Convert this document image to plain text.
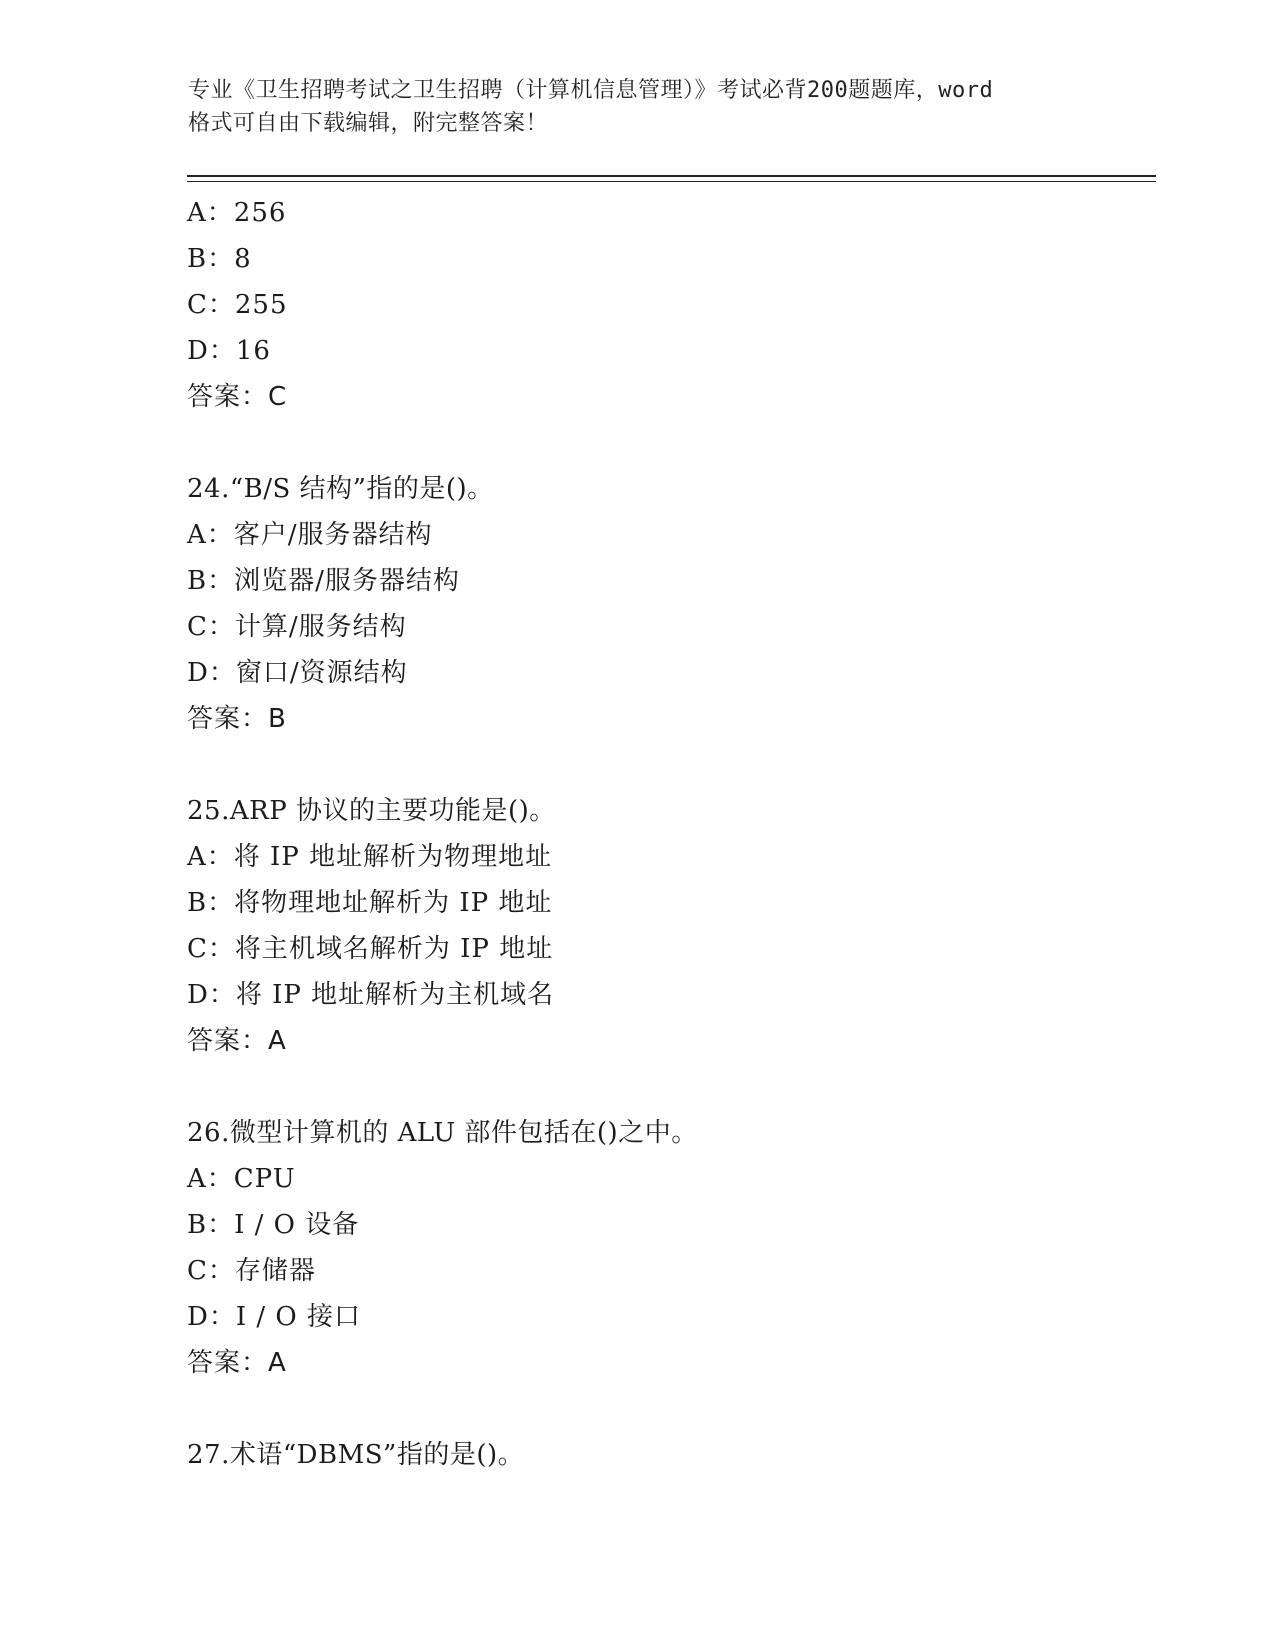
专业《卫生招聘考试之卫生招聘（计算机信息管理）》考试必背200题题库，word
格式可自由下载编辑，附完整答案！
A：256
B：8
C：255
D：16
答案：C
24.“B/S 结构”指的是()。
A：客户/服务器结构
B：浏览器/服务器结构
C：计算/服务结构
D：窗口/资源结构
答案：B
25.ARP 协议的主要功能是()。
A：将 IP 地址解析为物理地址
B：将物理地址解析为 IP 地址
C：将主机域名解析为 IP 地址
D：将 IP 地址解析为主机域名
答案：A
26.微型计算机的 ALU 部件包括在()之中。
A：CPU
B：I / O 设备
C：存储器
D：I / O 接口
答案：A
27.术语“DBMS”指的是()。
